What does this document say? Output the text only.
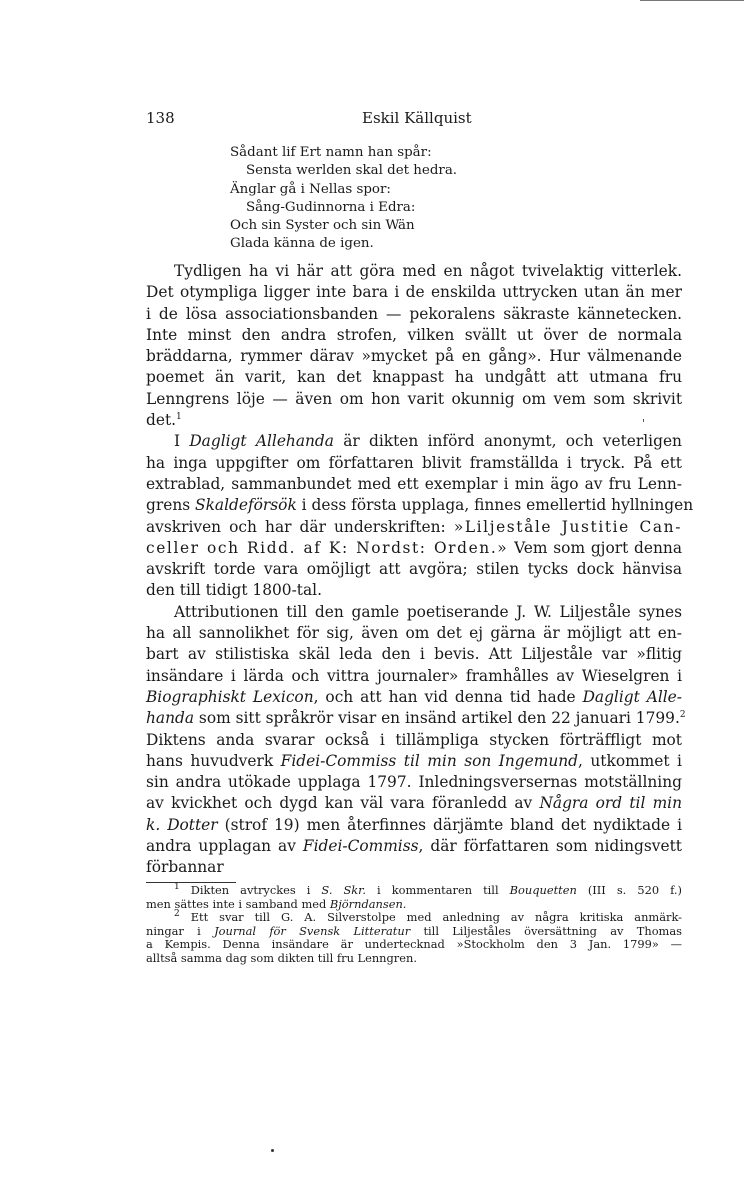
138	Eskil Källquist
Sådant lif Ert namn han spår:
Sensta werlden skal det hedra.
Änglar gå i Nellas spor:
Sång-Gudinnorna i Edra:
Och sin Syster och sin Wän
Glada känna de igen.
Tydligen ha vi här att göra med en något tvivelaktig vitterlek.
Det otympliga ligger inte bara i de enskilda uttrycken utan än mer
i de lösa associationsbanden — pekoralens säkraste kännetecken.
Inte minst den andra strofen, vilken svällt ut över de normala
bräddarna, rymmer därav »mycket på en gång». Hur välmenande
poemet än varit, kan det knappast ha undgått att utmana fru
Lenngrens löje — även om hon varit okunnig om vem som skrivit
det.$^1$
I Dagligt Allehanda är dikten införd anonymt, och veterligen
ha inga uppgifter om författaren blivit framställda i tryck. På ett
extrablad, sammanbundet med ett exemplar i min ägo av fru Lenn-
grens Skaldeförsök i dess första upplaga, finnes emellertid hyllningen
avskriven och har där underskriften: »Liljeståle Justitie Can-
celler och Ridd. af K: Nordst: Orden.» Vem som gjort denna
avskrift torde vara omöjligt att avgöra; stilen tycks dock hänvisa
den till tidigt 1800-tal.
Attributionen till den gamle poetiserande J. W. Liljeståle synes
ha all sannolikhet för sig, även om det ej gärna är möjligt att en-
bart av stilistiska skäl leda den i bevis. Att Liljeståle var »flitig
insändare i lärda och vittra journaler» framhålles av Wieselgren i
Biographiskt Lexicon, och att han vid denna tid hade Dagligt Alle-
handa som sitt språkrör visar en insänd artikel den 22 januari 1799.$^2$
Diktens anda svarar också i tillämpliga stycken förträffligt mot
hans huvudverk Fidei-Commiss til min son Ingemund, utkommet i
sin andra utökade upplaga 1797. Inledningsversernas motställning
av kvickhet och dygd kan väl vara föranledd av Några ord til min
k. Dotter (strof 19) men återfinnes därjämte bland det nydiktade i
andra upplagan av Fidei-Commiss, där författaren som nidingsvett
förbannar
$^1$ Dikten avtryckes i S. Skr. i kommentaren till Bouquetten (III s. 520 f.)
men sättes inte i samband med Björndansen.
$^2$ Ett svar till G. A. Silverstolpe med anledning av några kritiska anmärk-
ningar i Journal för Svensk Litteratur till Liljeståles översättning av Thomas
a Kempis. Denna insändare är undertecknad »Stockholm den 3 Jan. 1799» —
alltså samma dag som dikten till fru Lenngren.
